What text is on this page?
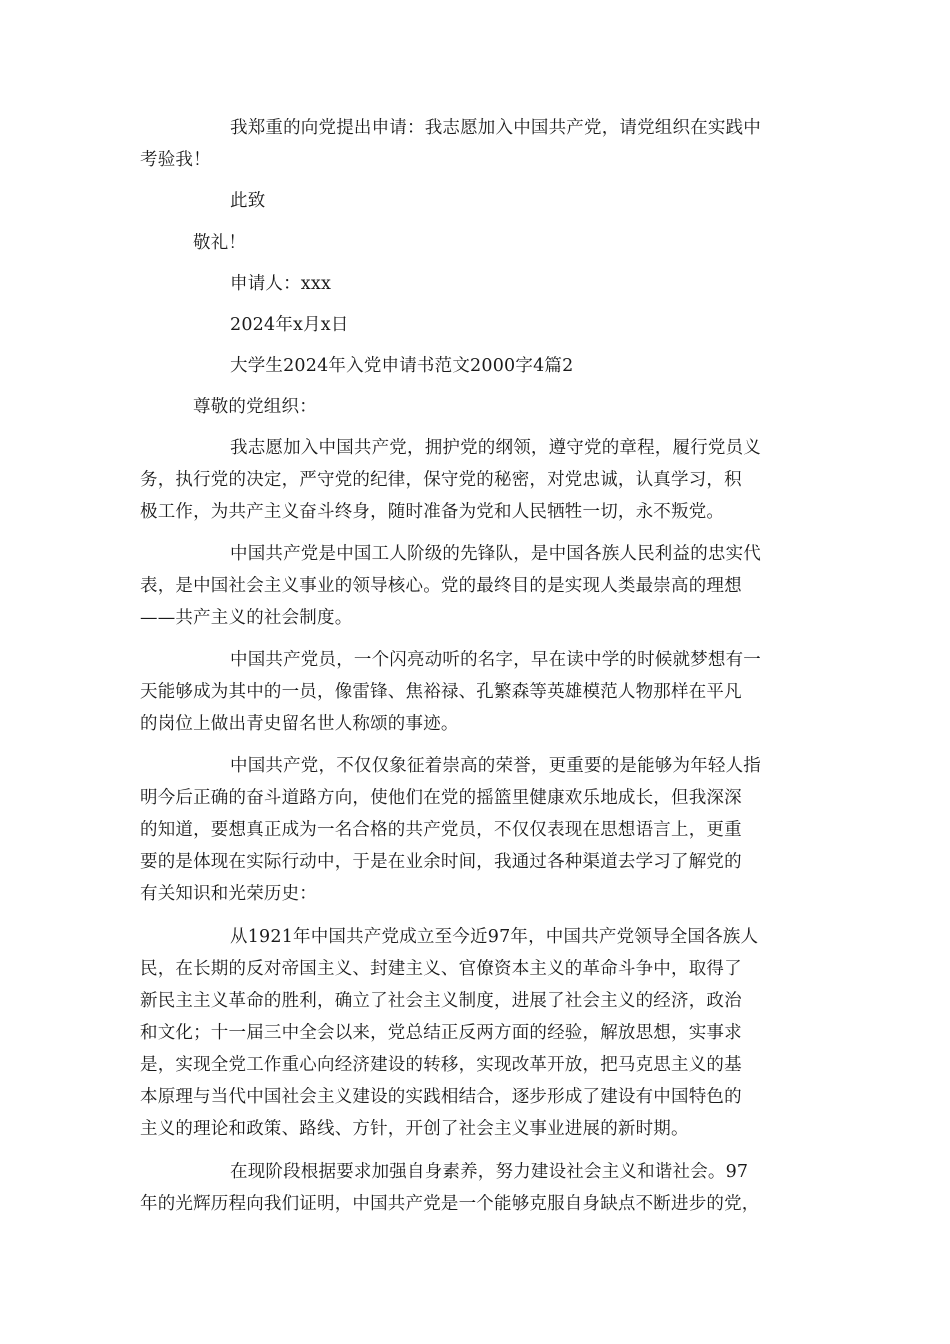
我郑重的向党提出申请：我志愿加入中国共产党，请党组织在实践中

考验我！

此致

敬礼！

申请人：xxx

2024年x月x日

大学生2024年入党申请书范文2000字4篇2

尊敬的党组织：

我志愿加入中国共产党，拥护党的纲领，遵守党的章程，履行党员义

务，执行党的决定，严守党的纪律，保守党的秘密，对党忠诚，认真学习，积

极工作，为共产主义奋斗终身，随时准备为党和人民牺牲一切，永不叛党。

中国共产党是中国工人阶级的先锋队，是中国各族人民利益的忠实代

表，是中国社会主义事业的领导核心。党的最终目的是实现人类最崇高的理想

——共产主义的社会制度。

中国共产党员，一个闪亮动听的名字，早在读中学的时候就梦想有一

天能够成为其中的一员，像雷锋、焦裕禄、孔繁森等英雄模范人物那样在平凡

的岗位上做出青史留名世人称颂的事迹。

中国共产党，不仅仅象征着崇高的荣誉，更重要的是能够为年轻人指

明今后正确的奋斗道路方向，使他们在党的摇篮里健康欢乐地成长，但我深深

的知道，要想真正成为一名合格的共产党员，不仅仅表现在思想语言上，更重

要的是体现在实际行动中，于是在业余时间，我通过各种渠道去学习了解党的

有关知识和光荣历史：

从1921年中国共产党成立至今近97年，中国共产党领导全国各族人

民，在长期的反对帝国主义、封建主义、官僚资本主义的革命斗争中，取得了

新民主主义革命的胜利，确立了社会主义制度，进展了社会主义的经济，政治

和文化；十一届三中全会以来，党总结正反两方面的经验，解放思想，实事求

是，实现全党工作重心向经济建设的转移，实现改革开放，把马克思主义的基

本原理与当代中国社会主义建设的实践相结合，逐步形成了建设有中国特色的

主义的理论和政策、路线、方针，开创了社会主义事业进展的新时期。

在现阶段根据要求加强自身素养，努力建设社会主义和谐社会。97

年的光辉历程向我们证明，中国共产党是一个能够克服自身缺点不断进步的党，
